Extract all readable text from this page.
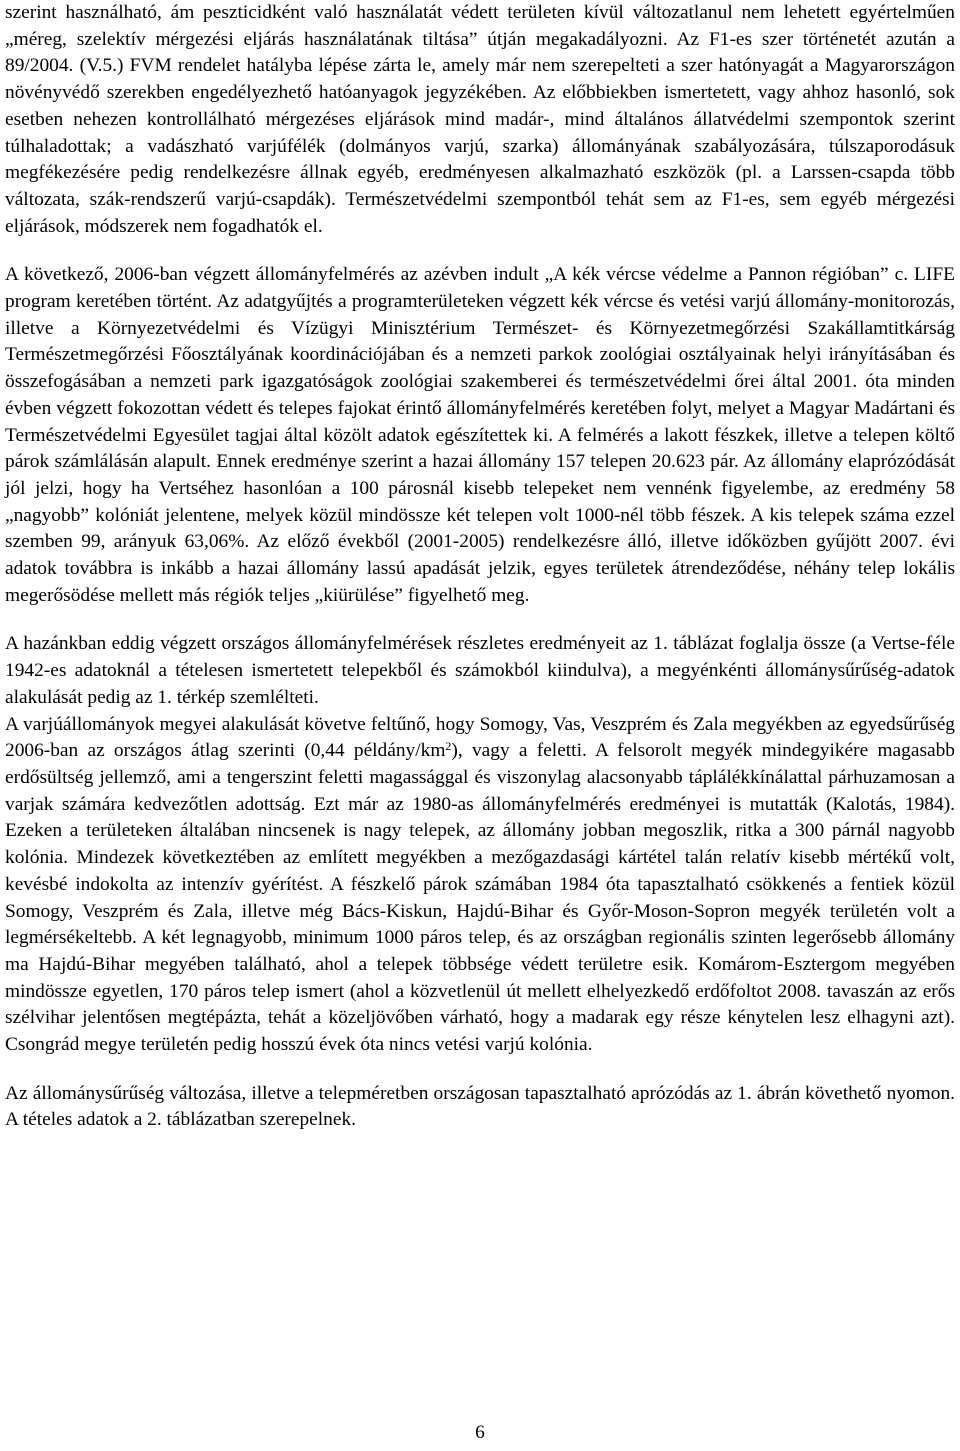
szerint használható, ám peszticidként való használatát védett területen kívül változatlanul nem lehetett egyértelműen „méreg, szelektív mérgezési eljárás használatának tiltása” útján megakadályozni. Az F1-es szer történetét azután a 89/2004. (V.5.) FVM rendelet hatályba lépése zárta le, amely már nem szerepelteti a szer hatónyagát a Magyarországon növényvédő szerekben engedélyezhető hatóanyagok jegyzékében. Az előbbiekben ismertetett, vagy ahhoz hasonló, sok esetben nehezen kontrollálható mérgezéses eljárások mind madár-, mind általános állatvédelmi szempontok szerint túlhaladottak; a vadászható varjúfélék (dolmányos varjú, szarka) állományának szabályozására, túlszaporodásuk megfékezésére pedig rendelkezésre állnak egyéb, eredményesen alkalmazható eszközök (pl. a Larssen-csapda több változata, szák-rendszerű varjú-csapdák). Természetvédelmi szempontból tehát sem az F1-es, sem egyéb mérgezési eljárások, módszerek nem fogadhatók el.

A következő, 2006-ban végzett állományfelmérés az azévben indult „A kék vércse védelme a Pannon régióban” c. LIFE program keretében történt. Az adatgyűjtés a programterületeken végzett kék vércse és vetési varjú állomány-monitorozás, illetve a Környezetvédelmi és Vízügyi Minisztérium Természet- és Környezetmegőrzési Szakállamtitkárság Természetmegőrzési Főosztályának koordinációjában és a nemzeti parkok zoológiai osztályainak helyi irányításában és összefogásában a nemzeti park igazgatóságok zoológiai szakemberei és természetvédelmi őrei által 2001. óta minden évben végzett fokozottan védett és telepes fajokat érintő állományfelmérés keretében folyt, melyet a Magyar Madártani és Természetvédelmi Egyesület tagjai által közölt adatok egészítettek ki. A felmérés a lakott fészkek, illetve a telepen költő párok számlálásán alapult. Ennek eredménye szerint a hazai állomány 157 telepen 20.623 pár. Az állomány elaprózódását jól jelzi, hogy ha Vertséhez hasonlóan a 100 párosnál kisebb telepeket nem vennénk figyelembe, az eredmény 58 „nagyobb” kolóniát jelentene, melyek közül mindössze két telepen volt 1000-nél több fészek. A kis telepek száma ezzel szemben 99, arányuk 63,06%. Az előző évekből (2001-2005) rendelkezésre álló, illetve időközben gyűjött 2007. évi adatok továbbra is inkább a hazai állomány lassú apadását jelzik, egyes területek átrendeződése, néhány telep lokális megerősödése mellett más régiók teljes „kiürülése” figyelhető meg.

A hazánkban eddig végzett országos állományfelmérések részletes eredményeit az 1. táblázat foglalja össze (a Vertse-féle 1942-es adatoknál a tételesen ismertetett telepekből és számokból kiindulva), a megyénkénti állománysűrűség-adatok alakulását pedig az 1. térkép szemlélteti.

A varjúállományok megyei alakulását követve feltűnő, hogy Somogy, Vas, Veszprém és Zala megyékben az egyedsűrűség 2006-ban az országos átlag szerinti (0,44 példány/$km^2$), vagy a feletti. A felsorolt megyék mindegyikére magasabb erdősültség jellemző, ami a tengerszint feletti magassággal és viszonylag alacsonyabb táplálékkínálattal párhuzamosan a varjak számára kedvezőtlen adottság. Ezt már az 1980-as állományfelmérés eredményei is mutatták (Kalotás, 1984). Ezeken a területeken általában nincsenek is nagy telepek, az állomány jobban megoszlik, ritka a 300 párnál nagyobb kolónia. Mindezek következtében az említett megyékben a mezőgazdasági kártétel talán relatív kisebb mértékű volt, kevésbé indokolta az intenzív gyérítést. A fészkelő párok számában 1984 óta tapasztalható csökkenés a fentiek közül Somogy, Veszprém és Zala, illetve még Bács-Kiskun, Hajdú-Bihar és Győr-Moson-Sopron megyék területén volt a legmérsékeltebb. A két legnagyobb, minimum 1000 páros telep, és az országban regionális szinten legerősebb állomány ma Hajdú-Bihar megyében található, ahol a telepek többsége védett területre esik. Komárom-Esztergom megyében mindössze egyetlen, 170 páros telep ismert (ahol a közvetlenül út mellett elhelyezkedő erdőfoltot 2008. tavaszán az erős szélvihar jelentősen megtépázta, tehát a közeljövőben várható, hogy a madarak egy része kénytelen lesz elhagyni azt). Csongrád megye területén pedig hosszú évek óta nincs vetési varjú kolónia.

Az állománysűrűség változása, illetve a telepméretben országosan tapasztalható aprózódás az 1. ábrán követhető nyomon. A tételes adatok a 2. táblázatban szerepelnek.

6
